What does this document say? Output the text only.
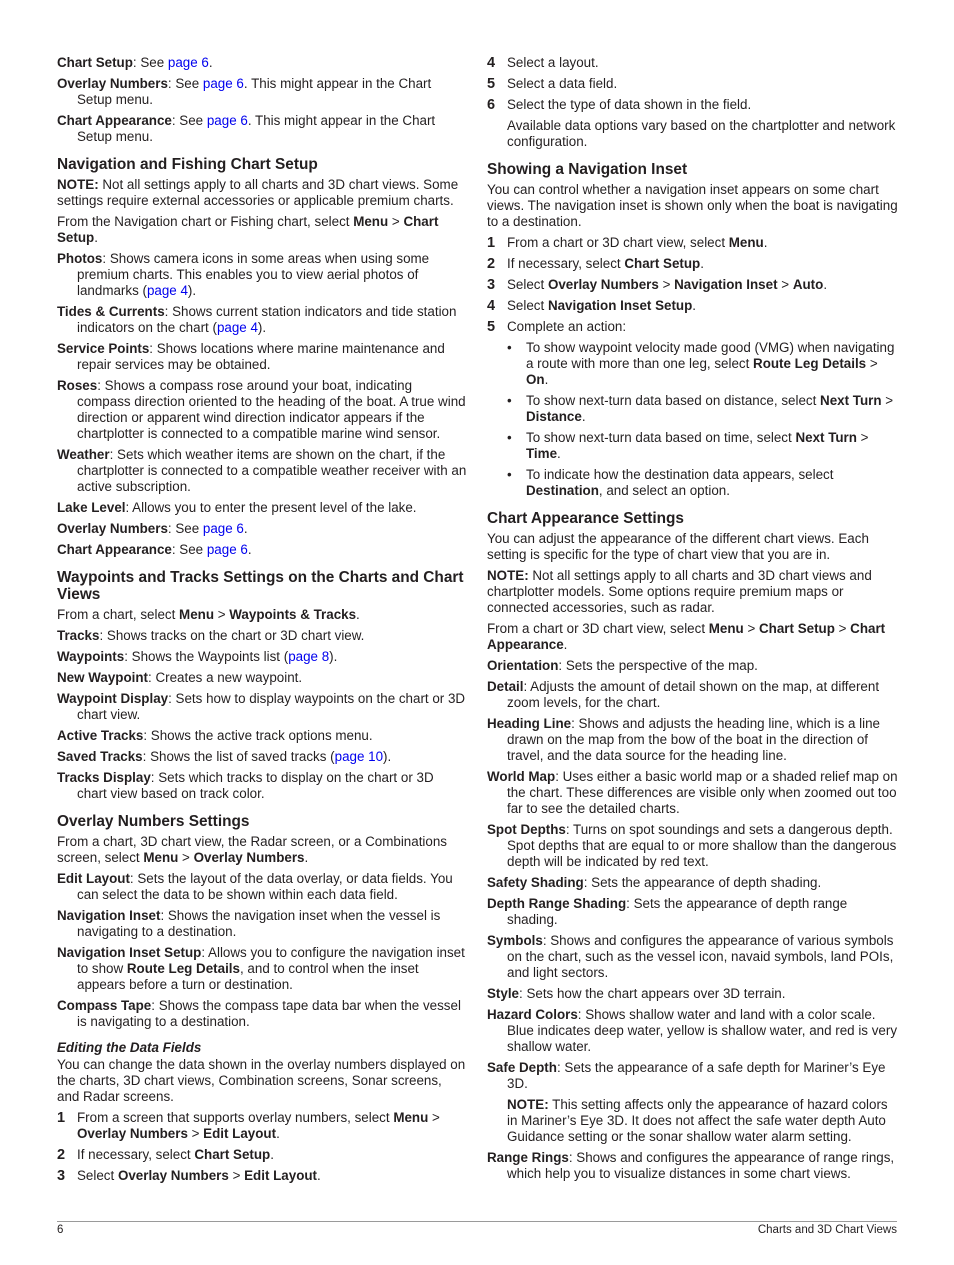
Chart Setup: See page 6.

Overlay Numbers: See page 6. This might appear in the Chart Setup menu.

Chart Appearance: See page 6. This might appear in the Chart Setup menu.

Navigation and Fishing Chart Setup

NOTE: Not all settings apply to all charts and 3D chart views. Some settings require external accessories or applicable premium charts.

From the Navigation chart or Fishing chart, select Menu > Chart Setup.

Photos: Shows camera icons in some areas when using some premium charts. This enables you to view aerial photos of landmarks (page 4).

Tides & Currents: Shows current station indicators and tide station indicators on the chart (page 4).

Service Points: Shows locations where marine maintenance and repair services may be obtained.

Roses: Shows a compass rose around your boat, indicating compass direction oriented to the heading of the boat. A true wind direction or apparent wind direction indicator appears if the chartplotter is connected to a compatible marine wind sensor.

Weather: Sets which weather items are shown on the chart, if the chartplotter is connected to a compatible weather receiver with an active subscription.

Lake Level: Allows you to enter the present level of the lake.

Overlay Numbers: See page 6.

Chart Appearance: See page 6.

Waypoints and Tracks Settings on the Charts and Chart Views

From a chart, select Menu > Waypoints & Tracks.

Tracks: Shows tracks on the chart or 3D chart view.

Waypoints: Shows the Waypoints list (page 8).

New Waypoint: Creates a new waypoint.

Waypoint Display: Sets how to display waypoints on the chart or 3D chart view.

Active Tracks: Shows the active track options menu.

Saved Tracks: Shows the list of saved tracks (page 10).

Tracks Display: Sets which tracks to display on the chart or 3D chart view based on track color.

Overlay Numbers Settings

From a chart, 3D chart view, the Radar screen, or a Combinations screen, select Menu > Overlay Numbers.

Edit Layout: Sets the layout of the data overlay, or data fields. You can select the data to be shown within each data field.

Navigation Inset: Shows the navigation inset when the vessel is navigating to a destination.

Navigation Inset Setup: Allows you to configure the navigation inset to show Route Leg Details, and to control when the inset appears before a turn or destination.

Compass Tape: Shows the compass tape data bar when the vessel is navigating to a destination.

Editing the Data Fields

You can change the data shown in the overlay numbers displayed on the charts, 3D chart views, Combination screens, Sonar screens, and Radar screens.

1 From a screen that supports overlay numbers, select Menu > Overlay Numbers > Edit Layout.
2 If necessary, select Chart Setup.
3 Select Overlay Numbers > Edit Layout.
4 Select a layout.
5 Select a data field.
6 Select the type of data shown in the field.

Available data options vary based on the chartplotter and network configuration.

Showing a Navigation Inset

You can control whether a navigation inset appears on some chart views. The navigation inset is shown only when the boat is navigating to a destination.

1 From a chart or 3D chart view, select Menu.
2 If necessary, select Chart Setup.
3 Select Overlay Numbers > Navigation Inset > Auto.
4 Select Navigation Inset Setup.
5 Complete an action:
• To show waypoint velocity made good (VMG) when navigating a route with more than one leg, select Route Leg Details > On.
• To show next-turn data based on distance, select Next Turn > Distance.
• To show next-turn data based on time, select Next Turn > Time.
• To indicate how the destination data appears, select Destination, and select an option.
Chart Appearance Settings

You can adjust the appearance of the different chart views. Each setting is specific for the type of chart view that you are in.

NOTE: Not all settings apply to all charts and 3D chart views and chartplotter models. Some options require premium maps or connected accessories, such as radar.

From a chart or 3D chart view, select Menu > Chart Setup > Chart Appearance.

Orientation: Sets the perspective of the map.

Detail: Adjusts the amount of detail shown on the map, at different zoom levels, for the chart.

Heading Line: Shows and adjusts the heading line, which is a line drawn on the map from the bow of the boat in the direction of travel, and the data source for the heading line.

World Map: Uses either a basic world map or a shaded relief map on the chart. These differences are visible only when zoomed out too far to see the detailed charts.

Spot Depths: Turns on spot soundings and sets a dangerous depth. Spot depths that are equal to or more shallow than the dangerous depth will be indicated by red text.

Safety Shading: Sets the appearance of depth shading.

Depth Range Shading: Sets the appearance of depth range shading.

Symbols: Shows and configures the appearance of various symbols on the chart, such as the vessel icon, navaid symbols, land POIs, and light sectors.

Style: Sets how the chart appears over 3D terrain.

Hazard Colors: Shows shallow water and land with a color scale. Blue indicates deep water, yellow is shallow water, and red is very shallow water.

Safe Depth: Sets the appearance of a safe depth for Mariner’s Eye 3D.

NOTE: This setting affects only the appearance of hazard colors in Mariner’s Eye 3D. It does not affect the safe water depth Auto Guidance setting or the sonar shallow water alarm setting.

Range Rings: Shows and configures the appearance of range rings, which help you to visualize distances in some chart views.

6	Charts and 3D Chart Views
